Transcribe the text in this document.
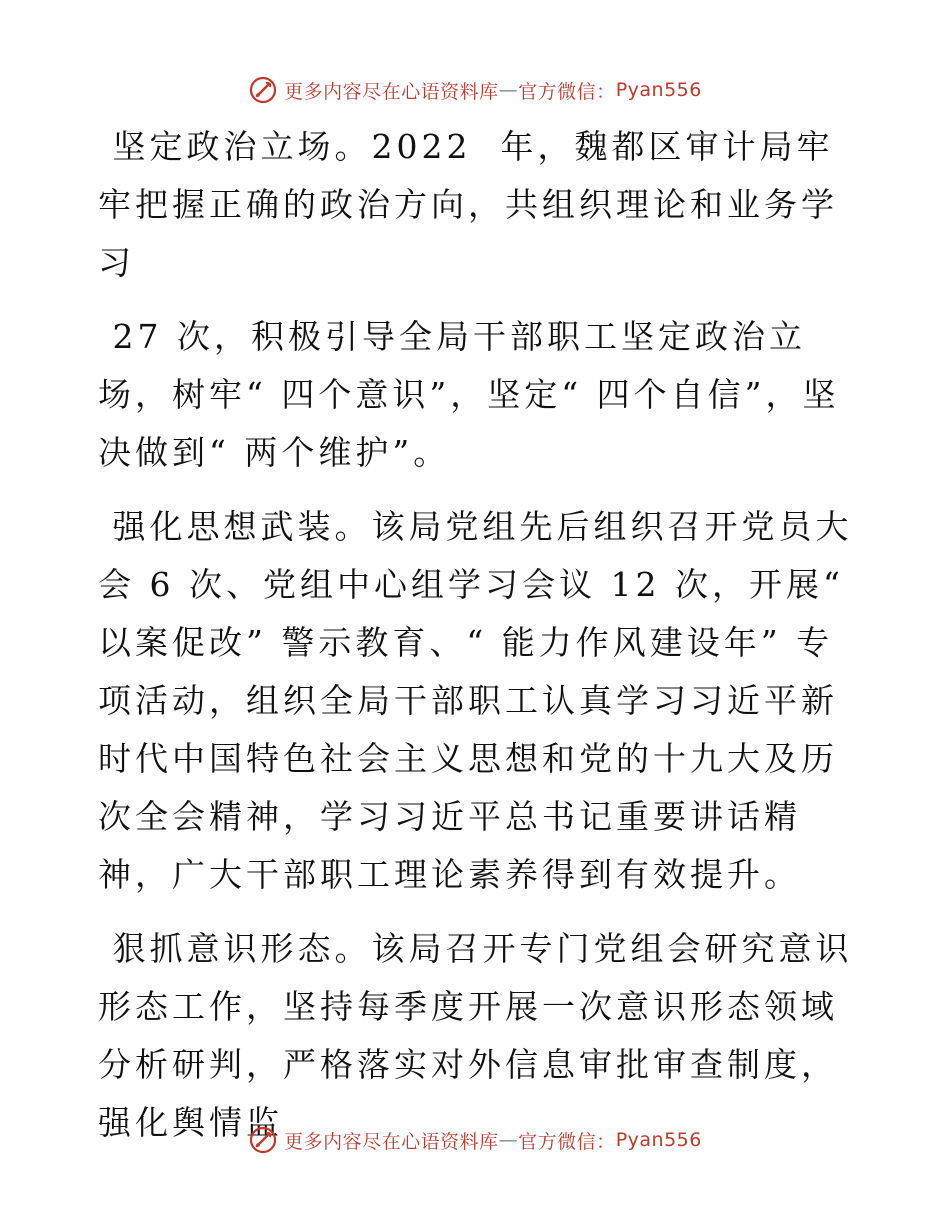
更多内容尽在心语资料库 — 官方微信： Pyan556

坚定政治立场。2022  年，魏都区审计局牢牢把握正确的政治方向，共组织理论和业务学习

27 次，积极引导全局干部职工坚定政治立场，树牢“ 四个意识”，坚定“ 四个自信”，坚决做到“ 两个维护”。

强化思想武装。该局党组先后组织召开党员大会 6 次、党组中心组学习会议 12 次，开展“ 以案促改” 警示教育、“ 能力作风建设年” 专项活动，组织全局干部职工认真学习习近平新时代中国特色社会主义思想和党的十九大及历次全会精神，学习习近平总书记重要讲话精神，广大干部职工理论素养得到有效提升。

狠抓意识形态。该局召开专门党组会研究意识形态工作，坚持每季度开展一次意识形态领域分析研判，严格落实对外信息审批审查制度，强化舆情监 更多内容尽在心语资料库 — 官方微信： Pyan556
